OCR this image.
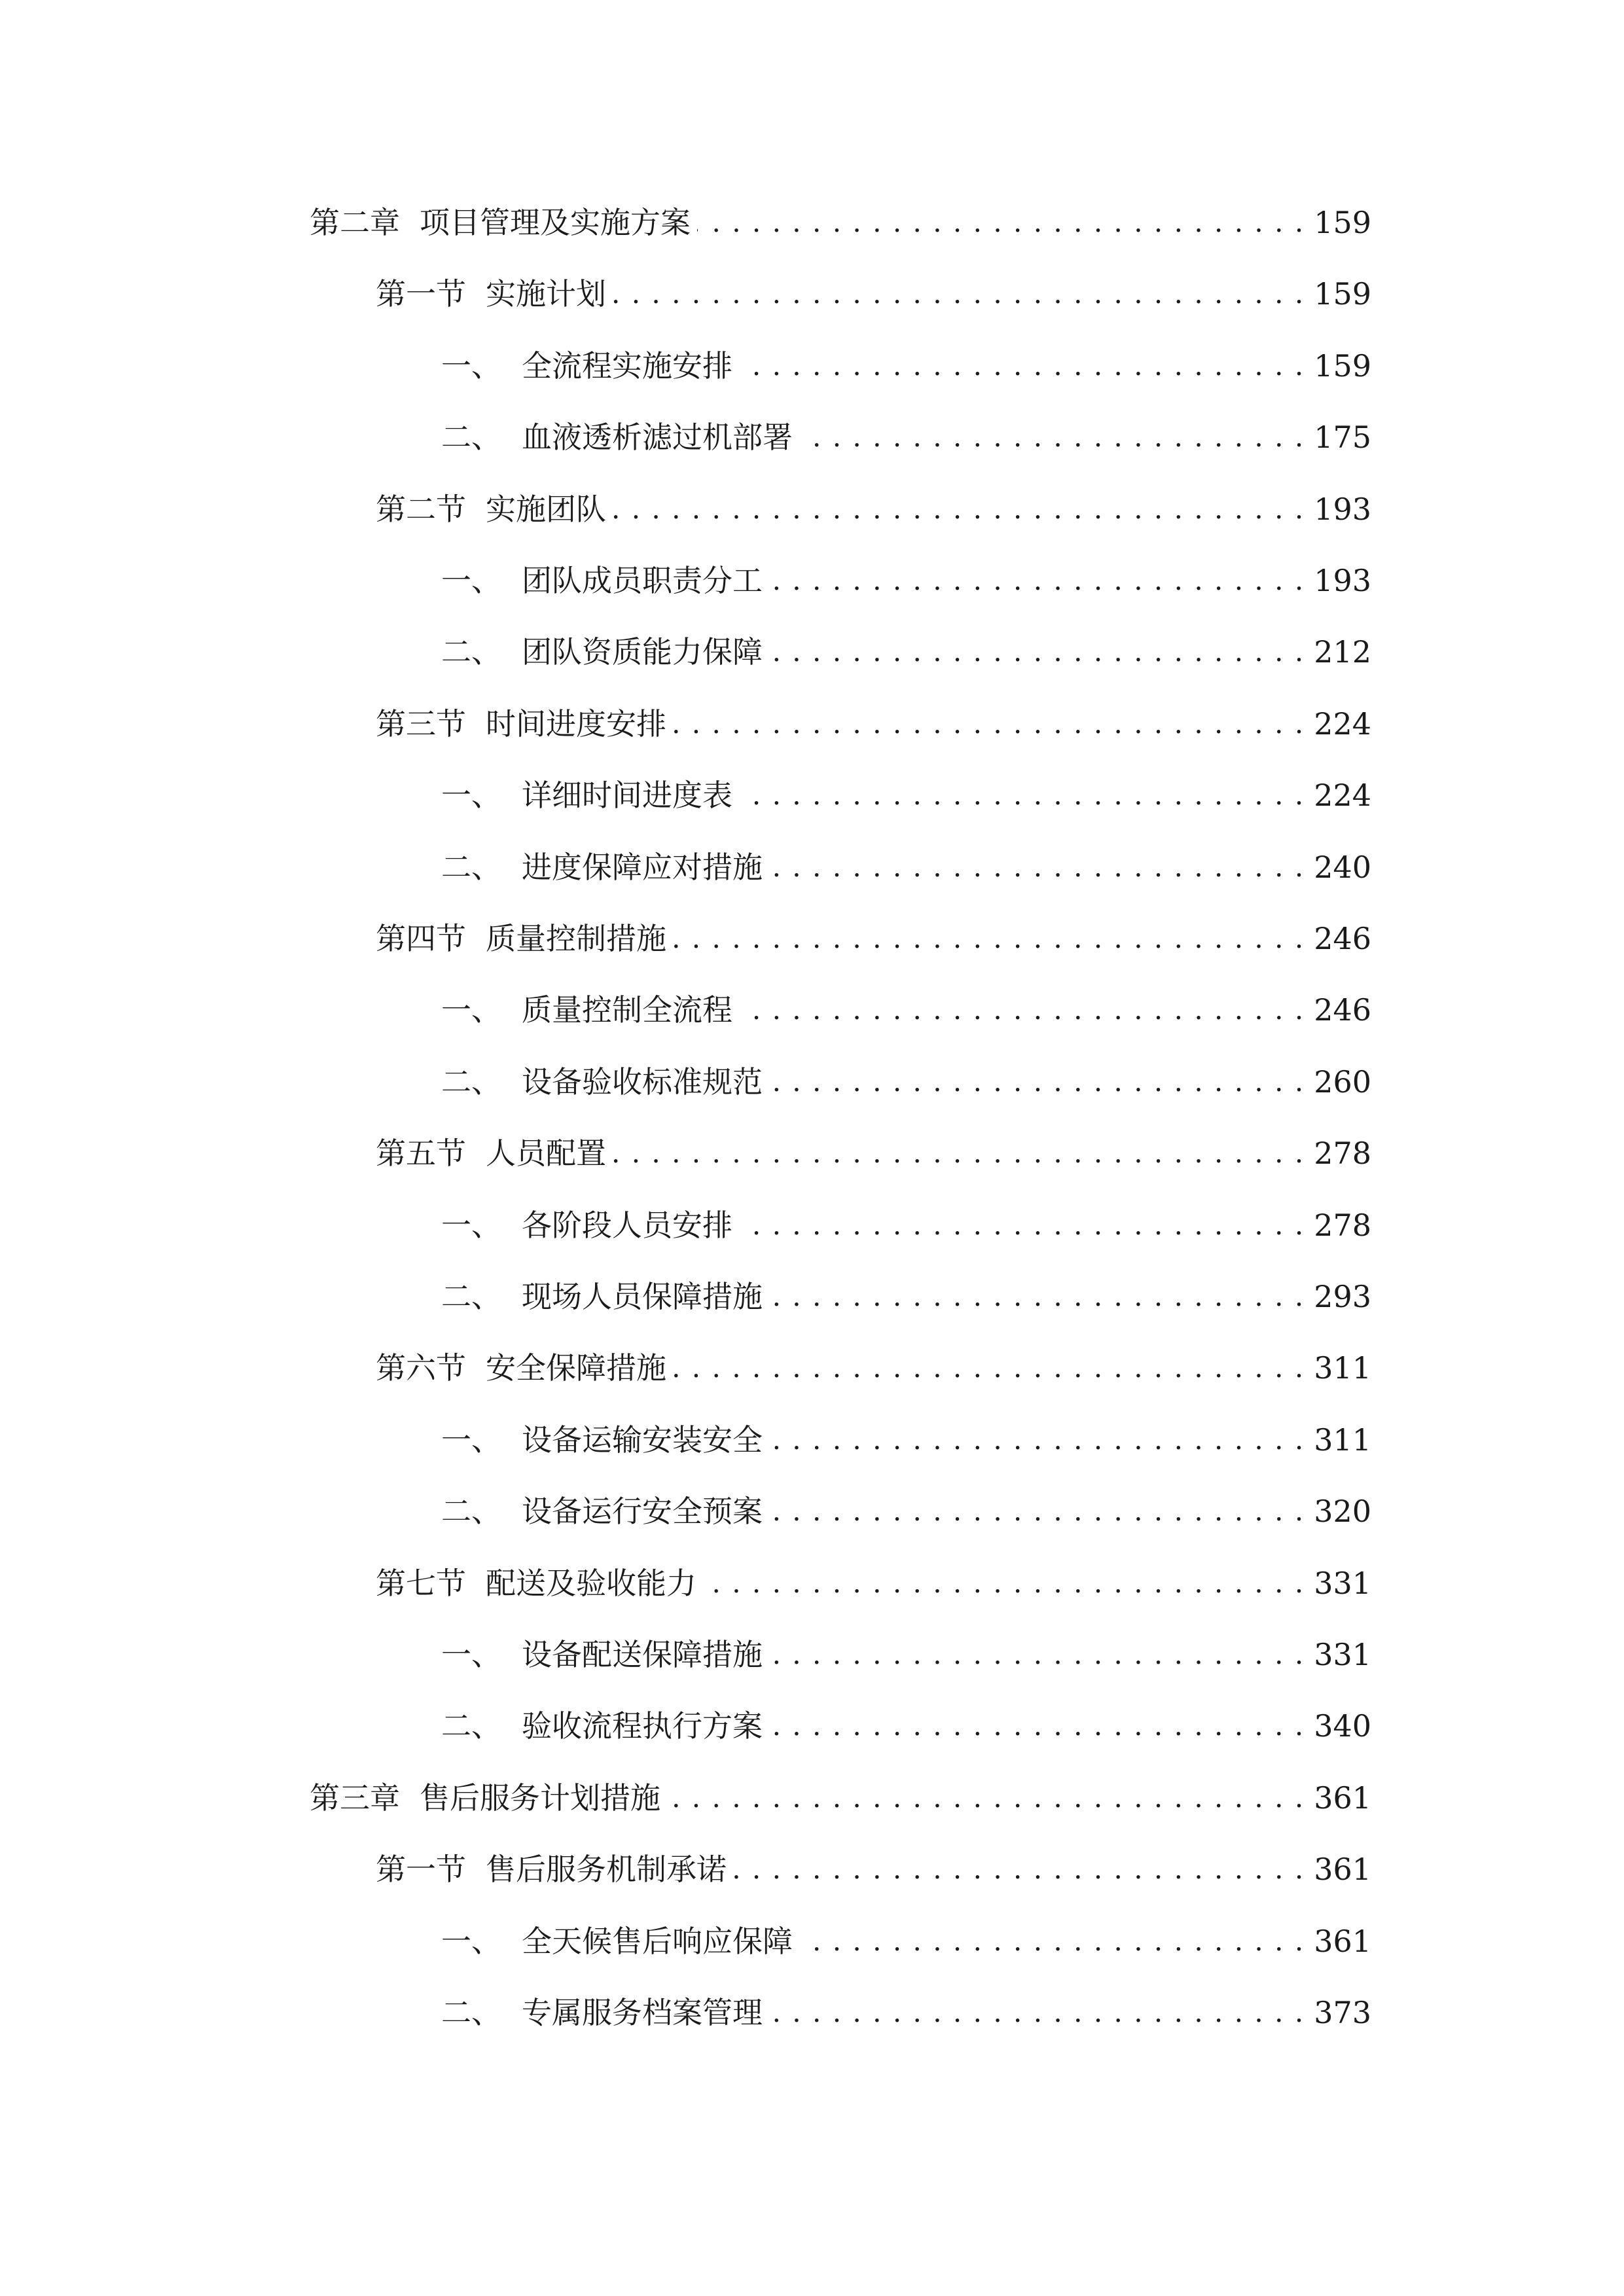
第二章 项目管理及实施方案 . . .	159
第一节 实施计划 . . .	159
一、 全流程实施安排 . . .	159
二、 血液透析滤过机部署 . . .	175
第二节 实施团队 . . .	193
一、 团队成员职责分工 . . .	193
二、 团队资质能力保障 . . .	212
第三节 时间进度安排 . . .	224
一、 详细时间进度表 . . .	224
二、 进度保障应对措施 . . .	240
第四节 质量控制措施 . . .	246
一、 质量控制全流程 . . .	246
二、 设备验收标准规范 . . .	260
第五节 人员配置 . . .	278
一、 各阶段人员安排 . . .	278
二、 现场人员保障措施 . . .	293
第六节 安全保障措施 . . .	311
一、 设备运输安装安全 . . .	311
二、 设备运行安全预案 . . .	320
第七节 配送及验收能力 . . .	331
一、 设备配送保障措施 . . .	331
二、 验收流程执行方案 . . .	340
第三章 售后服务计划措施 . . .	361
第一节 售后服务机制承诺 . . .	361
一、 全天候售后响应保障 . . .	361
二、 专属服务档案管理 . . .	373
